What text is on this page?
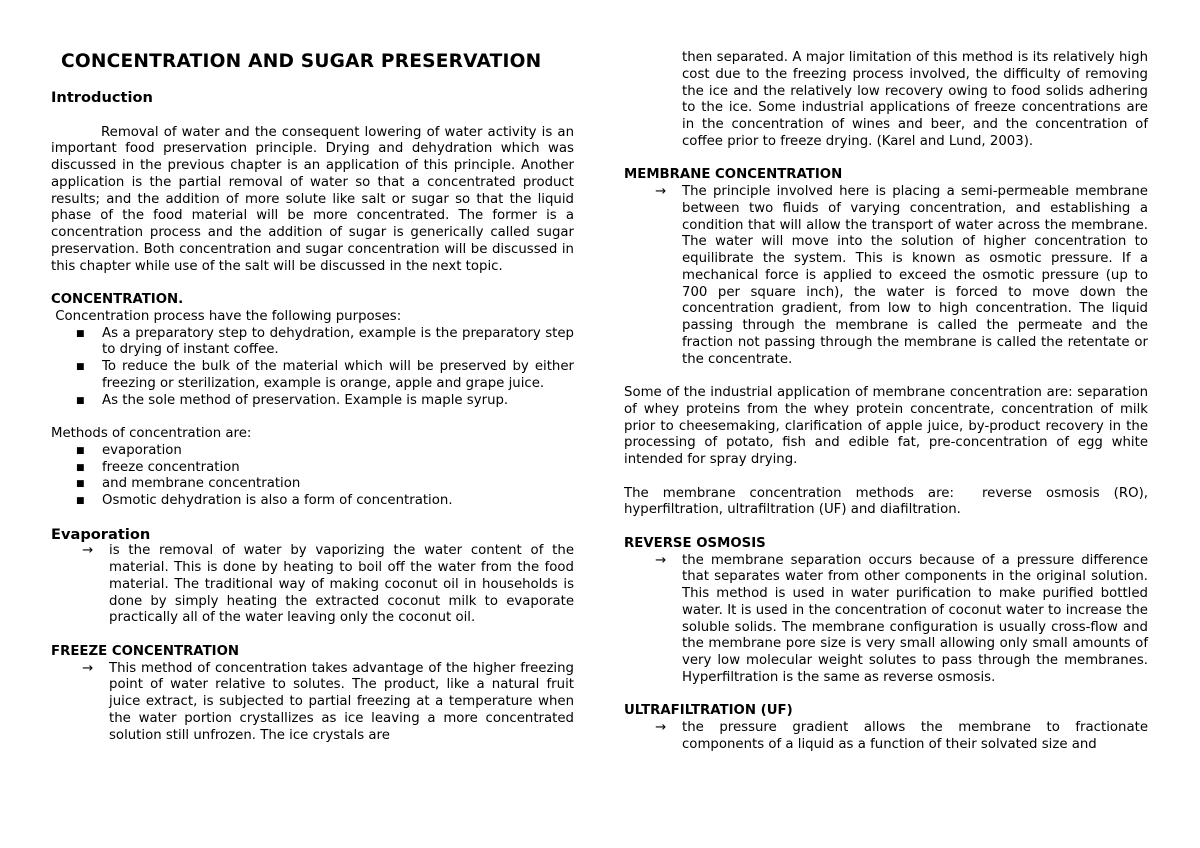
CONCENTRATION AND SUGAR PRESERVATION
Introduction

Removal of water and the consequent lowering of water activity is an important food preservation principle. Drying and dehydration which was discussed in the previous chapter is an application of this principle. Another application is the partial removal of water so that a concentrated product results; and the addition of more solute like salt or sugar so that the liquid phase of the food material will be more concentrated. The former is a concentration process and the addition of sugar is generically called sugar preservation. Both concentration and sugar concentration will be discussed in this chapter while use of the salt will be discussed in the next topic.

CONCENTRATION.

Concentration process have the following purposes:

■ As a preparatory step to dehydration, example is the preparatory step to drying of instant coffee.
■ To reduce the bulk of the material which will be preserved by either freezing or sterilization, example is orange, apple and grape juice.
■ As the sole method of preservation. Example is maple syrup.

Methods of concentration are:

■ evaporation
■ freeze concentration
■ and membrane concentration
■ Osmotic dehydration is also a form of concentration.
Evaporation
→ is the removal of water by vaporizing the water content of the material. This is done by heating to boil off the water from the food material. The traditional way of making coconut oil in households is done by simply heating the extracted coconut milk to evaporate practically all of the water leaving only the coconut oil.
FREEZE CONCENTRATION
→ This method of concentration takes advantage of the higher freezing point of water relative to solutes. The product, like a natural fruit juice extract, is subjected to partial freezing at a temperature when the water portion crystallizes as ice leaving a more concentrated solution still unfrozen. The ice crystals are

then separated. A major limitation of this method is its relatively high cost due to the freezing process involved, the difficulty of removing the ice and the relatively low recovery owing to food solids adhering to the ice. Some industrial applications of freeze concentrations are in the concentration of wines and beer, and the concentration of coffee prior to freeze drying. (Karel and Lund, 2003).

MEMBRANE CONCENTRATION
→ The principle involved here is placing a semi-permeable membrane between two fluids of varying concentration, and establishing a condition that will allow the transport of water across the membrane. The water will move into the solution of higher concentration to equilibrate the system. This is known as osmotic pressure. If a mechanical force is applied to exceed the osmotic pressure (up to 700 per square inch), the water is forced to move down the concentration gradient, from low to high concentration. The liquid passing through the membrane is called the permeate and the fraction not passing through the membrane is called the retentate or the concentrate.

Some of the industrial application of membrane concentration are: separation of whey proteins from the whey protein concentrate, concentration of milk prior to cheesemaking, clarification of apple juice, by-product recovery in the processing of potato, fish and edible fat, pre-concentration of egg white intended for spray drying.

The membrane concentration methods are:  reverse osmosis (RO), hyperfiltration, ultrafiltration (UF) and diafiltration.

REVERSE OSMOSIS
→ the membrane separation occurs because of a pressure difference that separates water from other components in the original solution. This method is used in water purification to make purified bottled water. It is used in the concentration of coconut water to increase the soluble solids. The membrane configuration is usually cross-flow and the membrane pore size is very small allowing only small amounts of very low molecular weight solutes to pass through the membranes. Hyperfiltration is the same as reverse osmosis.
ULTRAFILTRATION (UF)
→ the pressure gradient allows the membrane to fractionate components of a liquid as a function of their solvated size and
